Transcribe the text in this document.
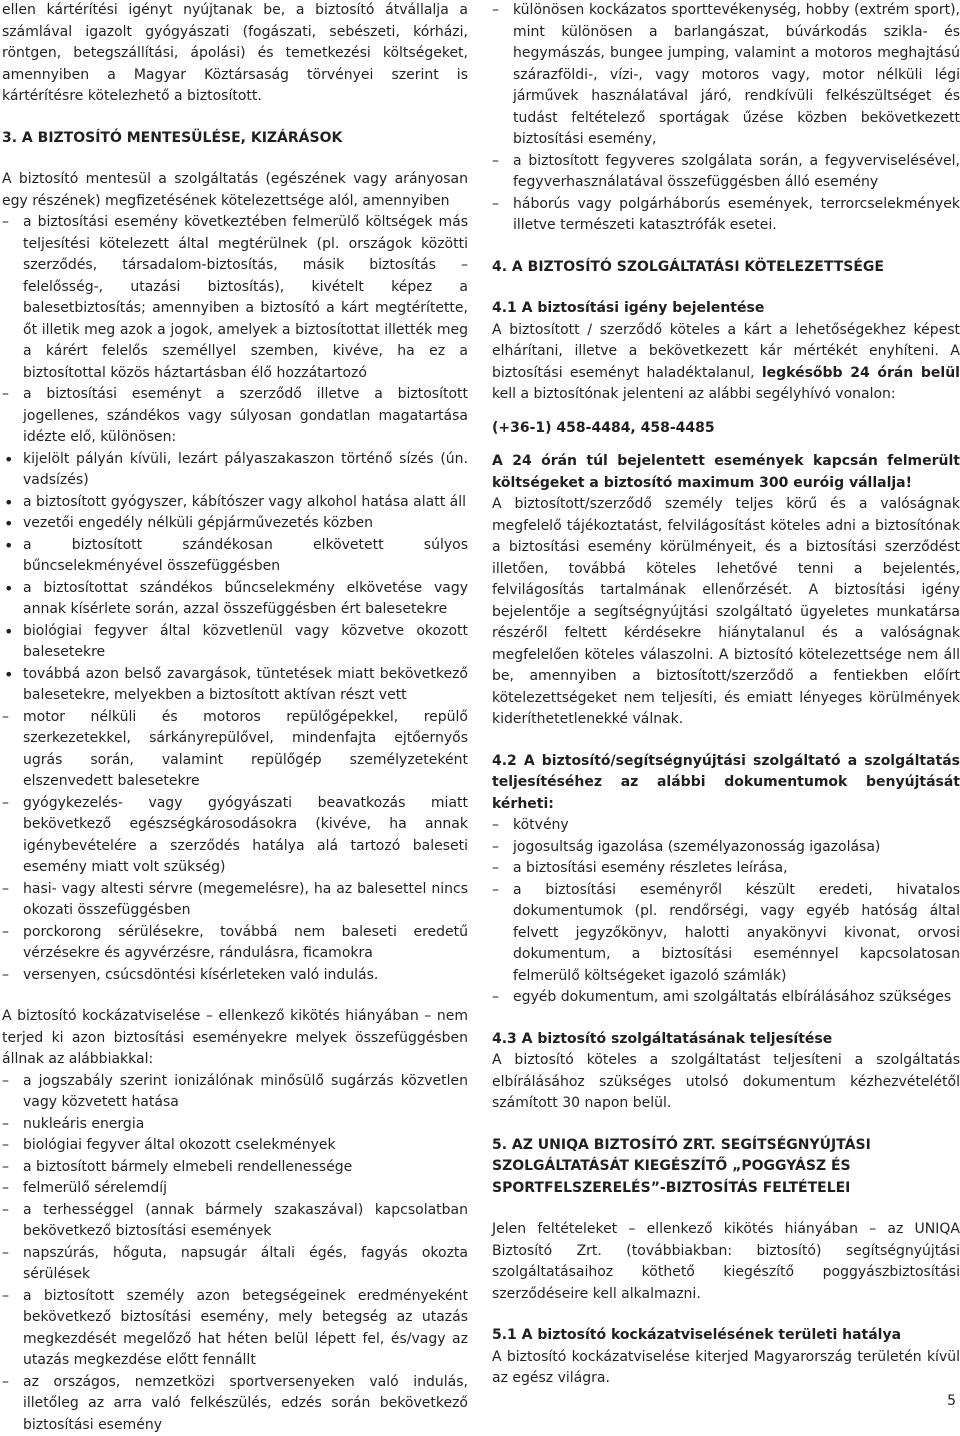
ellen kártérítési igényt nyújtanak be, a biztosító átvállalja a számlával igazolt gyógyászati (fogászati, sebészeti, kórházi, röntgen, betegszállítási, ápolási) és temetkezési költségeket, amennyiben a Magyar Köztársaság törvényei szerint is kártérítésre kötelezhető a biztosított.

3. A BIZTOSÍTÓ MENTESÜLÉSE, KIZÁRÁSOK

A biztosító mentesül a szolgáltatás (egészének vagy arányosan egy részének) megfizetésének kötelezettsége alól, amennyiben

– a biztosítási esemény következtében felmerülő költségek más teljesítési kötelezett által megtérülnek (pl. országok közötti szerződés, társadalom-biztosítás, másik biztosítás – felelősség-, utazási biztosítás), kivételt képez a balesetbiztosítás; amennyiben a biztosító a kárt megtérítette, őt illetik meg azok a jogok, amelyek a biztosítottat illették meg a kárért felelős személlyel szemben, kivéve, ha ez a biztosítottal közös háztartásban élő hozzátartozó
– a biztosítási eseményt a szerződő illetve a biztosított jogellenes, szándékos vagy súlyosan gondatlan magatartása idézte elő, különösen:
• kijelölt pályán kívüli, lezárt pályaszakaszon történő sízés (ún. vadsízés)
• a biztosított gyógyszer, kábítószer vagy alkohol hatása alatt áll
• vezetői engedély nélküli gépjárművezetés közben
• a biztosított szándékosan elkövetett súlyos bűncselekményével összefüggésben
• a biztosítottat szándékos bűncselekmény elkövetése vagy annak kísérlete során, azzal összefüggésben ért balesetekre
• biológiai fegyver által közvetlenül vagy közvetve okozott balesetekre
• továbbá azon belső zavargások, tüntetések miatt bekövetkező balesetekre, melyekben a biztosított aktívan részt vett
– motor nélküli és motoros repülőgépekkel, repülő szerkezetekkel, sárkányrepülővel, mindenfajta ejtőernyős ugrás során, valamint repülőgép személyzeteként elszenvedett balesetekre
– gyógykezelés- vagy gyógyászati beavatkozás miatt bekövetkező egészségkárosodásokra (kivéve, ha annak igénybevételére a szerződés hatálya alá tartozó baleseti esemény miatt volt szükség)
– hasi- vagy altesti sérvre (megemelésre), ha az balesettel nincs okozati összefüggésben
– porckorong sérülésekre, továbbá nem baleseti eredetű vérzésekre és agyvérzésre, rándulásra, ficamokra
– versenyen, csúcsdöntési kísérleteken való indulás.

A biztosító kockázatviselése – ellenkező kikötés hiányában – nem terjed ki azon biztosítási eseményekre melyek összefüggésben állnak az alábbiakkal:

– a jogszabály szerint ionizálónak minősülő sugárzás közvetlen vagy közvetett hatása
– nukleáris energia
– biológiai fegyver által okozott cselekmények
– a biztosított bármely elmebeli rendellenessége
– felmerülő sérelemdíj
– a terhességgel (annak bármely szakaszával) kapcsolatban bekövetkező biztosítási események
– napszúrás, hőguta, napsugár általi égés, fagyás okozta sérülések
– a biztosított személy azon betegségeinek eredményeként bekövetkező biztosítási esemény, mely betegség az utazás megkezdését megelőző hat héten belül lépett fel, és/vagy az utazás megkezdése előtt fennállt
– az országos, nemzetközi sportversenyeken való indulás, illetőleg az arra való felkészülés, edzés során bekövetkező biztosítási esemény
– különösen kockázatos sporttevékenység, hobby (extrém sport), mint különösen a barlangászat, búvárkodás szikla- és hegymászás, bungee jumping, valamint a motoros meghajtású szárazföldi-, vízi-, vagy motoros vagy, motor nélküli légi járművek használatával járó, rendkívüli felkészültséget és tudást feltételező sportágak űzése közben bekövetkezett biztosítási esemény,
– a biztosított fegyveres szolgálata során, a fegyverviselésével, fegyverhasználatával összefüggésben álló esemény
– háborús vagy polgárháborús események, terrorcselekmények illetve természeti katasztrófák esetei.
4. A BIZTOSÍTÓ SZOLGÁLTATÁSI KÖTELEZETTSÉGE
4.1 A biztosítási igény bejelentése

A biztosított / szerződő köteles a kárt a lehetőségekhez képest elhárítani, illetve a bekövetkezett kár mértékét enyhíteni. A biztosítási eseményt haladéktalanul, legkésőbb 24 órán belül kell a biztosítónak jelenteni az alábbi segélyhívó vonalon:

(+36-1) 458-4484, 458-4485

A 24 órán túl bejelentett események kapcsán felmerült költségeket a biztosító maximum 300 euróig vállalja!

A biztosított/szerződő személy teljes körű és a valóságnak megfelelő tájékoztatást, felvilágosítást köteles adni a biztosítónak a biztosítási esemény körülményeit, és a biztosítási szerződést illetően, továbbá köteles lehetővé tenni a bejelentés, felvilágosítás tartalmának ellenőrzését. A biztosítási igény bejelentője a segítségnyújtási szolgáltató ügyeletes munkatársa részéről feltett kérdésekre hiánytalanul és a valóságnak megfelelően köteles válaszolni. A biztosító kötelezettsége nem áll be, amennyiben a biztosított/szerződő a fentiekben előírt kötelezettségeket nem teljesíti, és emiatt lényeges körülmények kideríthetetlenekké válnak.

4.2 A biztosító/segítségnyújtási szolgáltató a szolgáltatás teljesítéséhez az alábbi dokumentumok benyújtását kérheti:
– kötvény
– jogosultság igazolása (személyazonosság igazolása)
– a biztosítási esemény részletes leírása,
– a biztosítási eseményről készült eredeti, hivatalos dokumentumok (pl. rendőrségi, vagy egyéb hatóság által felvett jegyzőkönyv, halotti anyakönyvi kivonat, orvosi dokumentum, a biztosítási eseménnyel kapcsolatosan felmerülő költségeket igazoló számlák)
– egyéb dokumentum, ami szolgáltatás elbírálásához szükséges
4.3 A biztosító szolgáltatásának teljesítése

A biztosító köteles a szolgáltatást teljesíteni a szolgáltatás elbírálásához szükséges utolsó dokumentum kézhezvételétől számított 30 napon belül.

5. AZ UNIQA BIZTOSÍTÓ ZRT. SEGÍTSÉGNYÚJTÁSI SZOLGÁLTATÁSÁT KIEGÉSZÍTŐ „POGGYÁSZ ÉS SPORTFELSZERELÉS”-BIZTOSÍTÁS FELTÉTELEI

Jelen feltételeket – ellenkező kikötés hiányában – az UNIQA Biztosító Zrt. (továbbiakban: biztosító) segítségnyújtási szolgáltatásaihoz köthető kiegészítő poggyászbiztosítási szerződéseire kell alkalmazni.

5.1 A biztosító kockázatviselésének területi hatálya

A biztosító kockázatviselése kiterjed Magyarország területén kívül az egész világra.

5
